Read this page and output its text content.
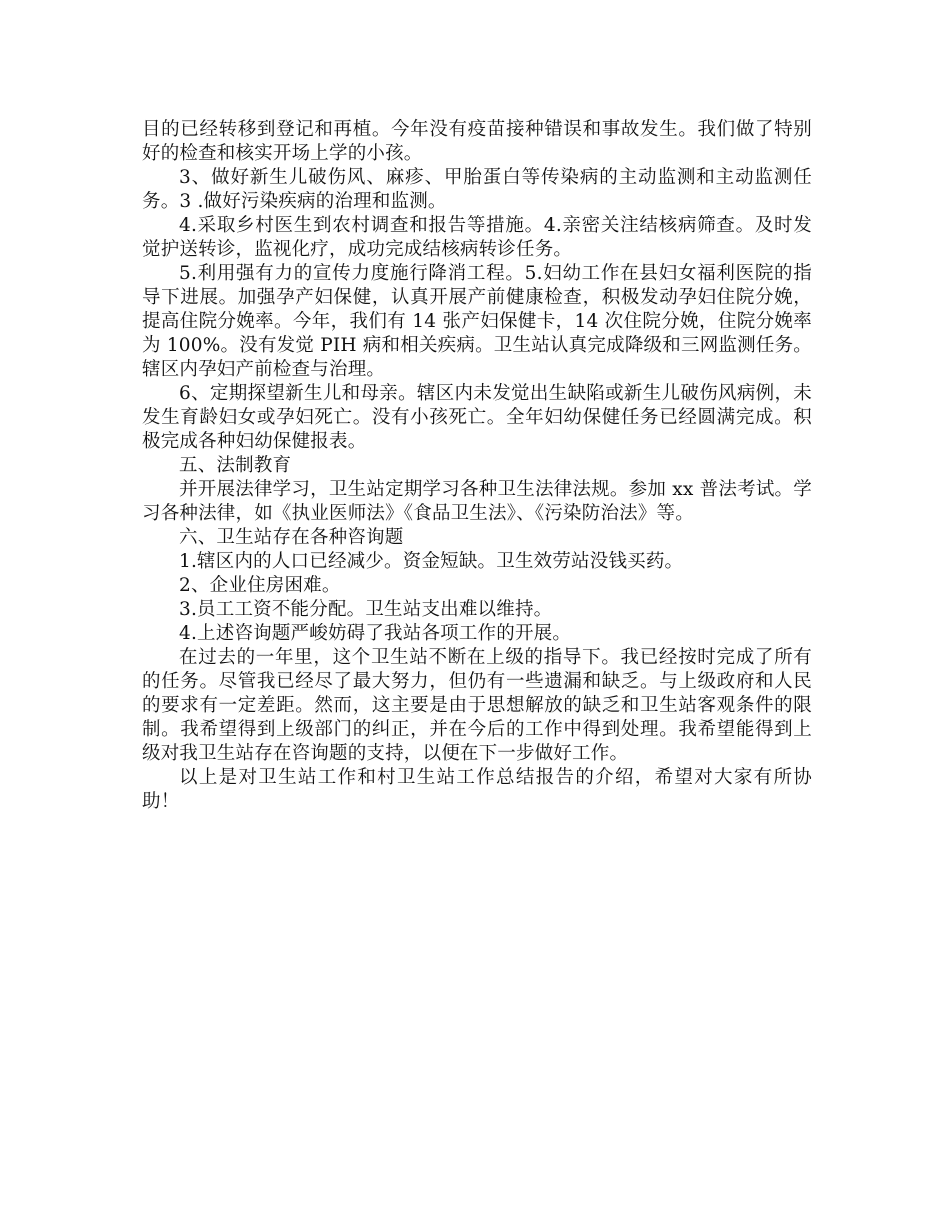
目的已经转移到登记和再植。今年没有疫苗接种错误和事故发生。我们做了特别好的检查和核实开场上学的小孩。

3、做好新生儿破伤风、麻疹、甲胎蛋白等传染病的主动监测和主动监测任务。3 .做好污染疾病的治理和监测。

4.采取乡村医生到农村调查和报告等措施。4.亲密关注结核病筛查。及时发觉护送转诊，监视化疗，成功完成结核病转诊任务。

5.利用强有力的宣传力度施行降消工程。5.妇幼工作在县妇女福利医院的指导下进展。加强孕产妇保健，认真开展产前健康检查，积极发动孕妇住院分娩，提高住院分娩率。今年，我们有 14 张产妇保健卡，14 次住院分娩，住院分娩率为 100%。没有发觉 PIH 病和相关疾病。卫生站认真完成降级和三网监测任务。辖区内孕妇产前检查与治理。

6、定期探望新生儿和母亲。辖区内未发觉出生缺陷或新生儿破伤风病例，未发生育龄妇女或孕妇死亡。没有小孩死亡。全年妇幼保健任务已经圆满完成。积极完成各种妇幼保健报表。

五、法制教育

并开展法律学习，卫生站定期学习各种卫生法律法规。参加 xx 普法考试。学习各种法律，如《执业医师法》《食品卫生法》、《污染防治法》等。

六、卫生站存在各种咨询题

1.辖区内的人口已经减少。资金短缺。卫生效劳站没钱买药。

2、企业住房困难。

3.员工工资不能分配。卫生站支出难以维持。

4.上述咨询题严峻妨碍了我站各项工作的开展。

在过去的一年里，这个卫生站不断在上级的指导下。我已经按时完成了所有的任务。尽管我已经尽了最大努力，但仍有一些遗漏和缺乏。与上级政府和人民的要求有一定差距。然而，这主要是由于思想解放的缺乏和卫生站客观条件的限制。我希望得到上级部门的纠正，并在今后的工作中得到处理。我希望能得到上级对我卫生站存在咨询题的支持，以便在下一步做好工作。

以上是对卫生站工作和村卫生站工作总结报告的介绍，希望对大家有所协助！
